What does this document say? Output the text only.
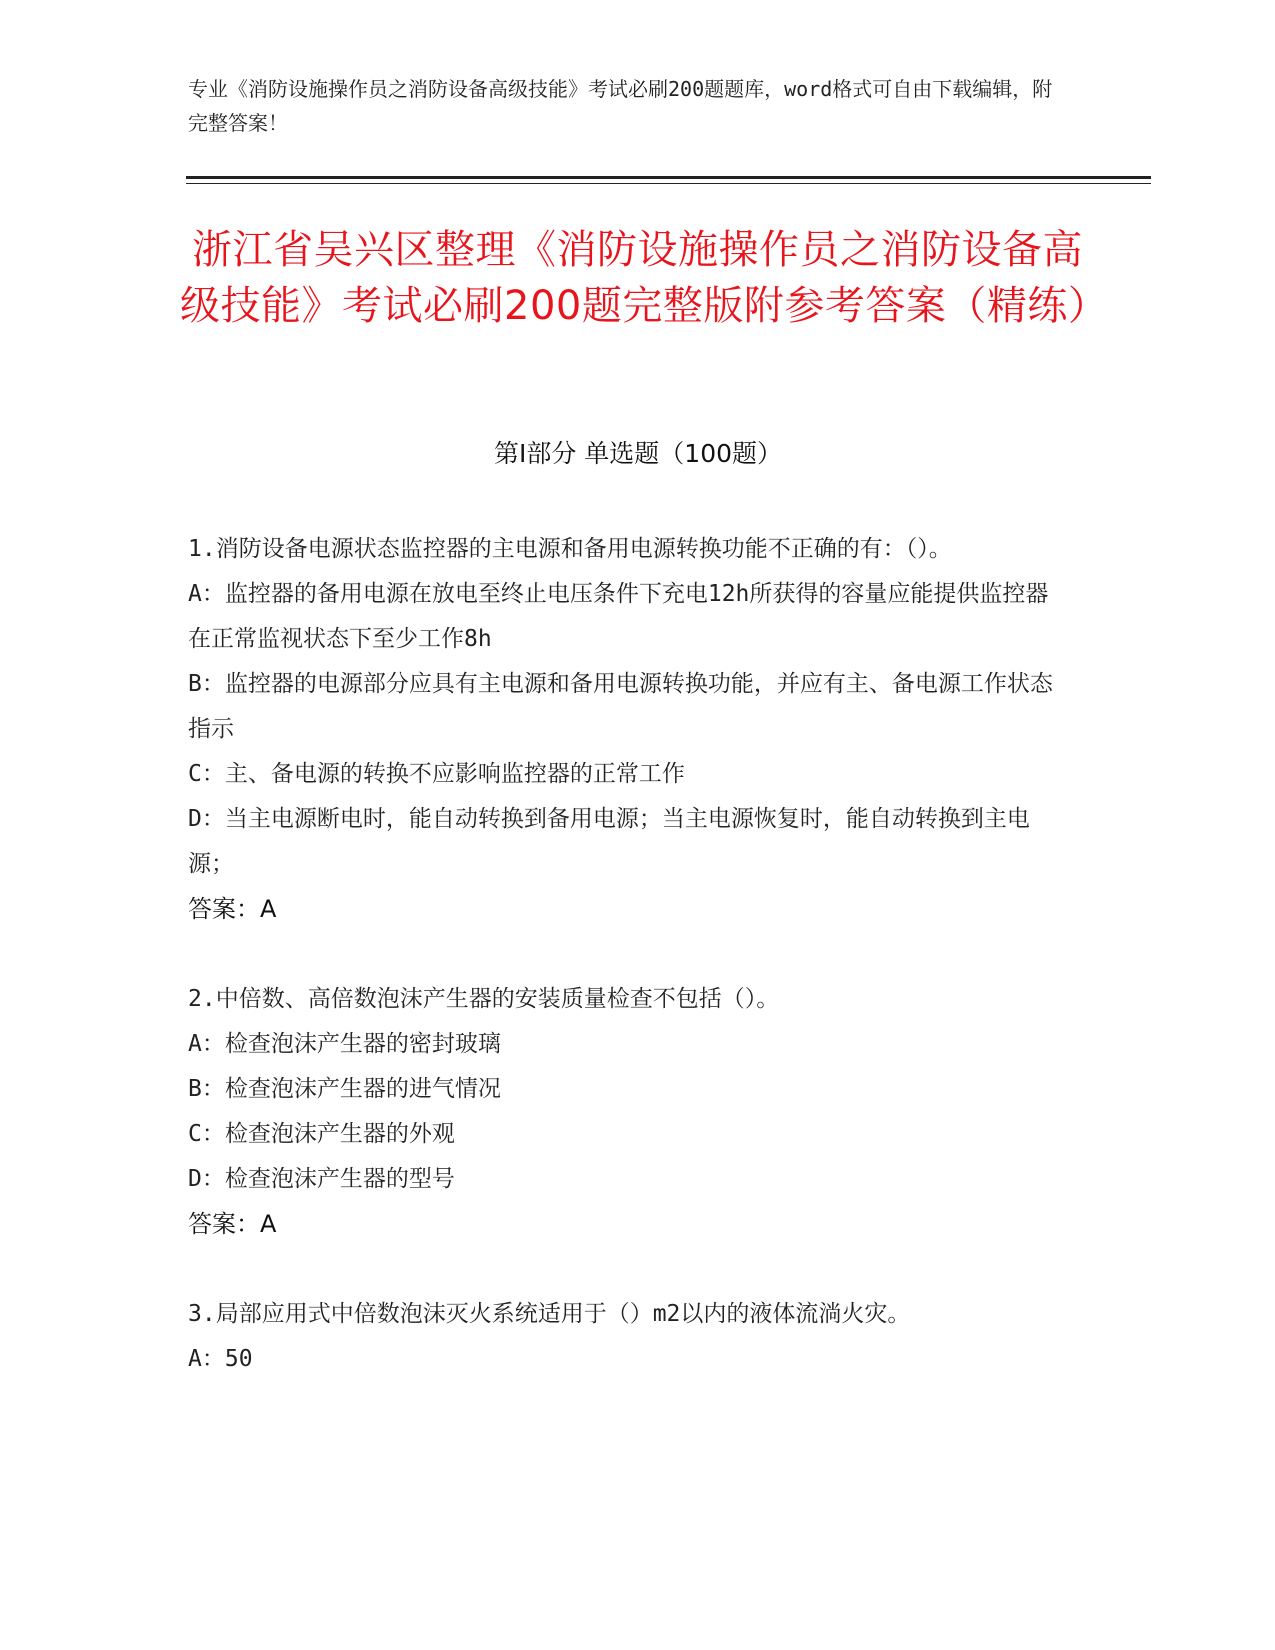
专业《消防设施操作员之消防设备高级技能》考试必刷200题题库，word格式可自由下载编辑，附完整答案！
浙江省吴兴区整理《消防设施操作员之消防设备高级技能》考试必刷200题完整版附参考答案（精练）
第I部分 单选题（100题）

1.消防设备电源状态监控器的主电源和备用电源转换功能不正确的有：（）。

A：监控器的备用电源在放电至终止电压条件下充电12h所获得的容量应能提供监控器在正常监视状态下至少工作8h

B：监控器的电源部分应具有主电源和备用电源转换功能，并应有主、备电源工作状态指示

C：主、备电源的转换不应影响监控器的正常工作

D：当主电源断电时，能自动转换到备用电源；当主电源恢复时，能自动转换到主电源；

答案：A

2.中倍数、高倍数泡沫产生器的安装质量检查不包括（）。

A：检查泡沫产生器的密封玻璃

B：检查泡沫产生器的进气情况

C：检查泡沫产生器的外观

D：检查泡沫产生器的型号

答案：A

3.局部应用式中倍数泡沫灭火系统适用于（）m2以内的液体流淌火灾。

A：50
